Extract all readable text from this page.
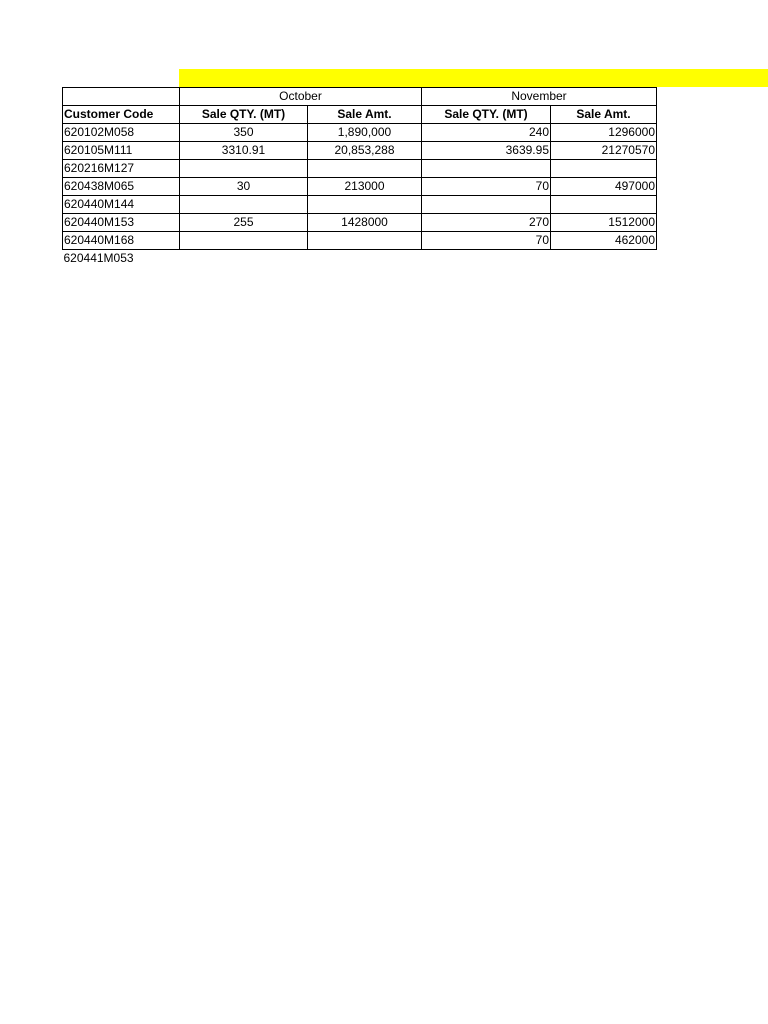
	October		November	
Customer Code	Sale QTY. (MT)	Sale Amt.	Sale QTY. (MT)	Sale Amt.
620102M058	350	1,890,000	240	1296000
620105M111	3310.91	20,853,288	3639.95	21270570
620216M127				
620438M065	30	213000	70	497000
620440M144				
620440M153	255	1428000	270	1512000
620440M168			70	462000
620441M053				
